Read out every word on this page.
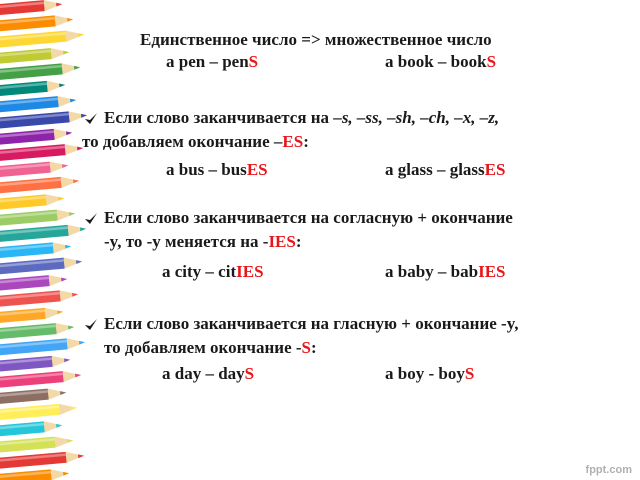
Единственное число => множественное число
a pen – penS	a book – bookS
Если слово заканчивается на –s, –ss, –sh, –ch, –x, –z,
то добавляем окончание –ES:
a bus – busES	a glass – glassES
Если слово заканчивается на согласную + окончание
-y, то -y меняется на -IES:
a city – citIES	a baby – babIES
Если слово заканчивается на гласную + окончание -y,
то добавляем окончание -S:
a day – dayS	a boy - boyS
fppt.com
